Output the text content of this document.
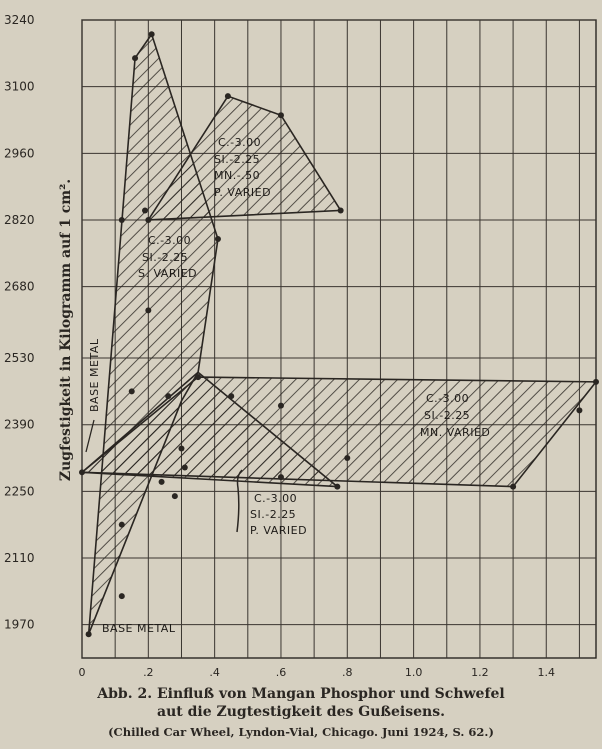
1970
2110
2250
2390
2530
2680
2820
2960
3100
3240
0	.2	.4	.6	.8	1.0	1.2	1.4
Zugfestigkeit in Kilogramm auf 1 cm².
C.-3.00
SI.-2.25
MN.-.50
P. VARIED
C.-3.00
SI.-2.25
S. VARIED
C.-3.00
SI.-2.25
MN. VARIED
C.-3.00
SI.-2.25
P. VARIED
BASE METAL
BASE METAL
Abb. 2. Einfluß von Mangan Phosphor und Schwefel
aut die Zugtestigkeit des Gußeisens.
(Chilled Car Wheel, Lyndon-Vial, Chicago. Juni 1924, S. 62.)
